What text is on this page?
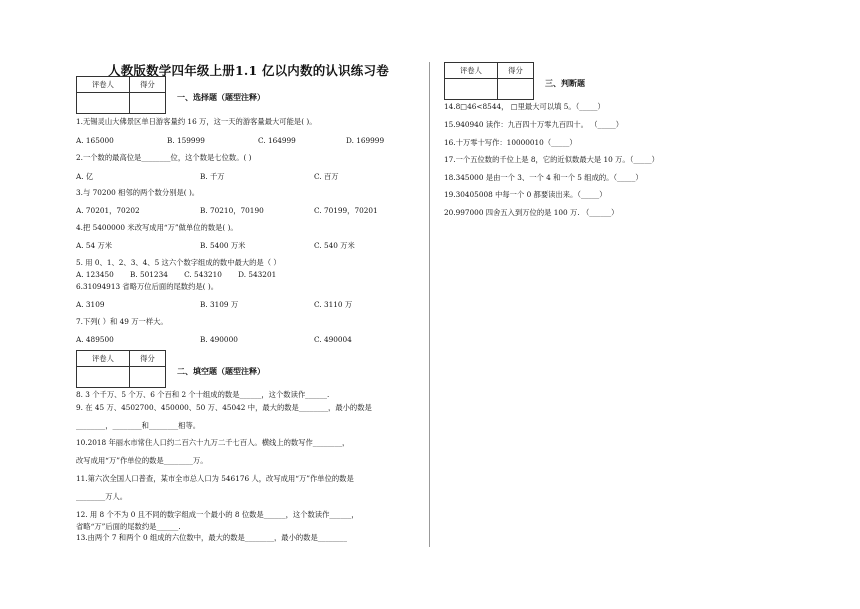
人教版数学四年级上册1.1 亿以内数的认识练习卷
评卷人	得分

一、选择题（题型注释）
1.无锡灵山大佛景区单日游客量约 16 万，这一天的游客量最大可能是( )。
A. 165000	B. 159999	C. 164999	D. 169999
2.一个数的最高位是________位，这个数是七位数。( )
A. 亿	B. 千万	C. 百万
3.与 70200 相邻的两个数分别是( )。
A. 70201，70202	B. 70210，70190	C. 70199，70201
4.把 5400000 米改写成用“万”做单位的数是( )。
A. 54 万米	B. 5400 万米	C. 540 万米
5. 用 0、1、2、3、4、5 这六个数字组成的数中最大的是（ ）
A. 123450       B. 501234       C. 543210       D. 543201
6.31094913 省略万位后面的尾数约是( )。
A. 3109	B. 3109 万	C. 3110 万
7.下列( ）和 49 万一样大。
A. 489500	B. 490000	C. 490004
评卷人	得分

二、填空题（题型注释）
8. 3 个千万、5 个万、6 个百和 2 个十组成的数是______，这个数读作______.
9. 在 45 万、4502700、450000、50 万、45042 中，最大的数是________，最小的数是
________，________和________相等。
10.2018 年丽水市常住人口约二百六十九万二千七百人。横线上的数写作________，
改写成用“万”作单位的数是________万。
11.第六次全国人口普查，某市全市总人口为 546176 人，改写成用“万”作单位的数是
________万人。
12. 用 8 个不为 0 且不同的数字组成一个最小的 8 位数是______，这个数读作______，
省略“万”后面的尾数约是______.
13.由两个 7 和两个 0 组成的六位数中，最大的数是________，最小的数是________
评卷人	得分

三、判断题
14.8□46<8544， □里最大可以填 5。（_____）
15.940940 读作：九百四十万零九百四十。 （_____）
16.十万零十写作：10000010（_____）
17.一个五位数的千位上是 8，它的近似数最大是 10 万。（_____）
18.345000 是由一个 3、一个 4 和一个 5 组成的。（_____）
19.30405008 中每一个 0 都要读出来。（_____）
20.997000 四舍五入到万位的是 100 万. （______）
